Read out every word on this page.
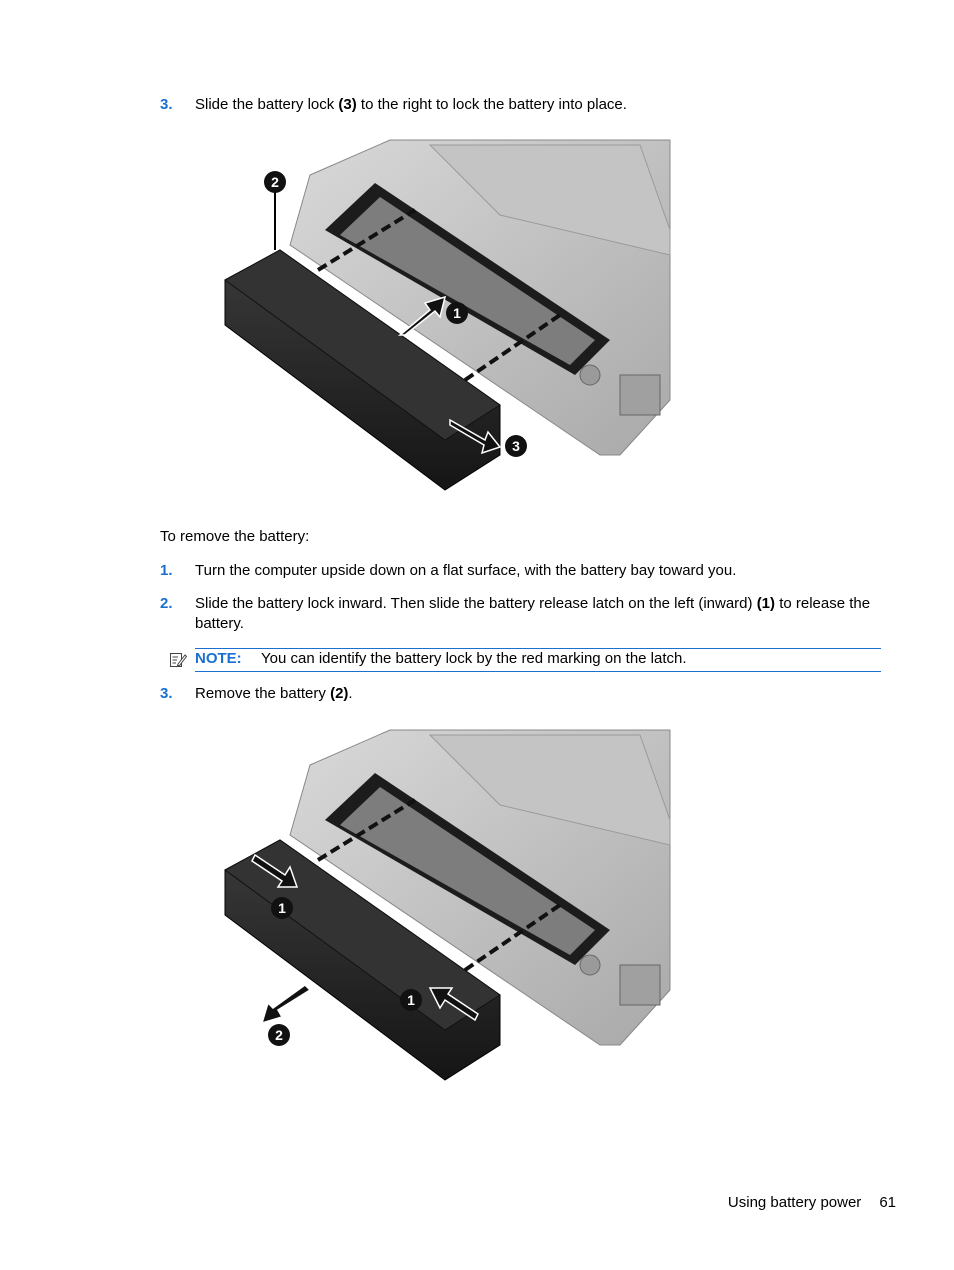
3. Slide the battery lock (3) to the right to lock the battery into place.
2
1
3
To remove the battery:
1. Turn the computer upside down on a flat surface, with the battery bay toward you.
2. Slide the battery lock inward. Then slide the battery release latch on the left (inward) (1) to release the battery.
NOTE: You can identify the battery lock by the red marking on the latch.
3. Remove the battery (2).
1
1
2
Using battery power 61
